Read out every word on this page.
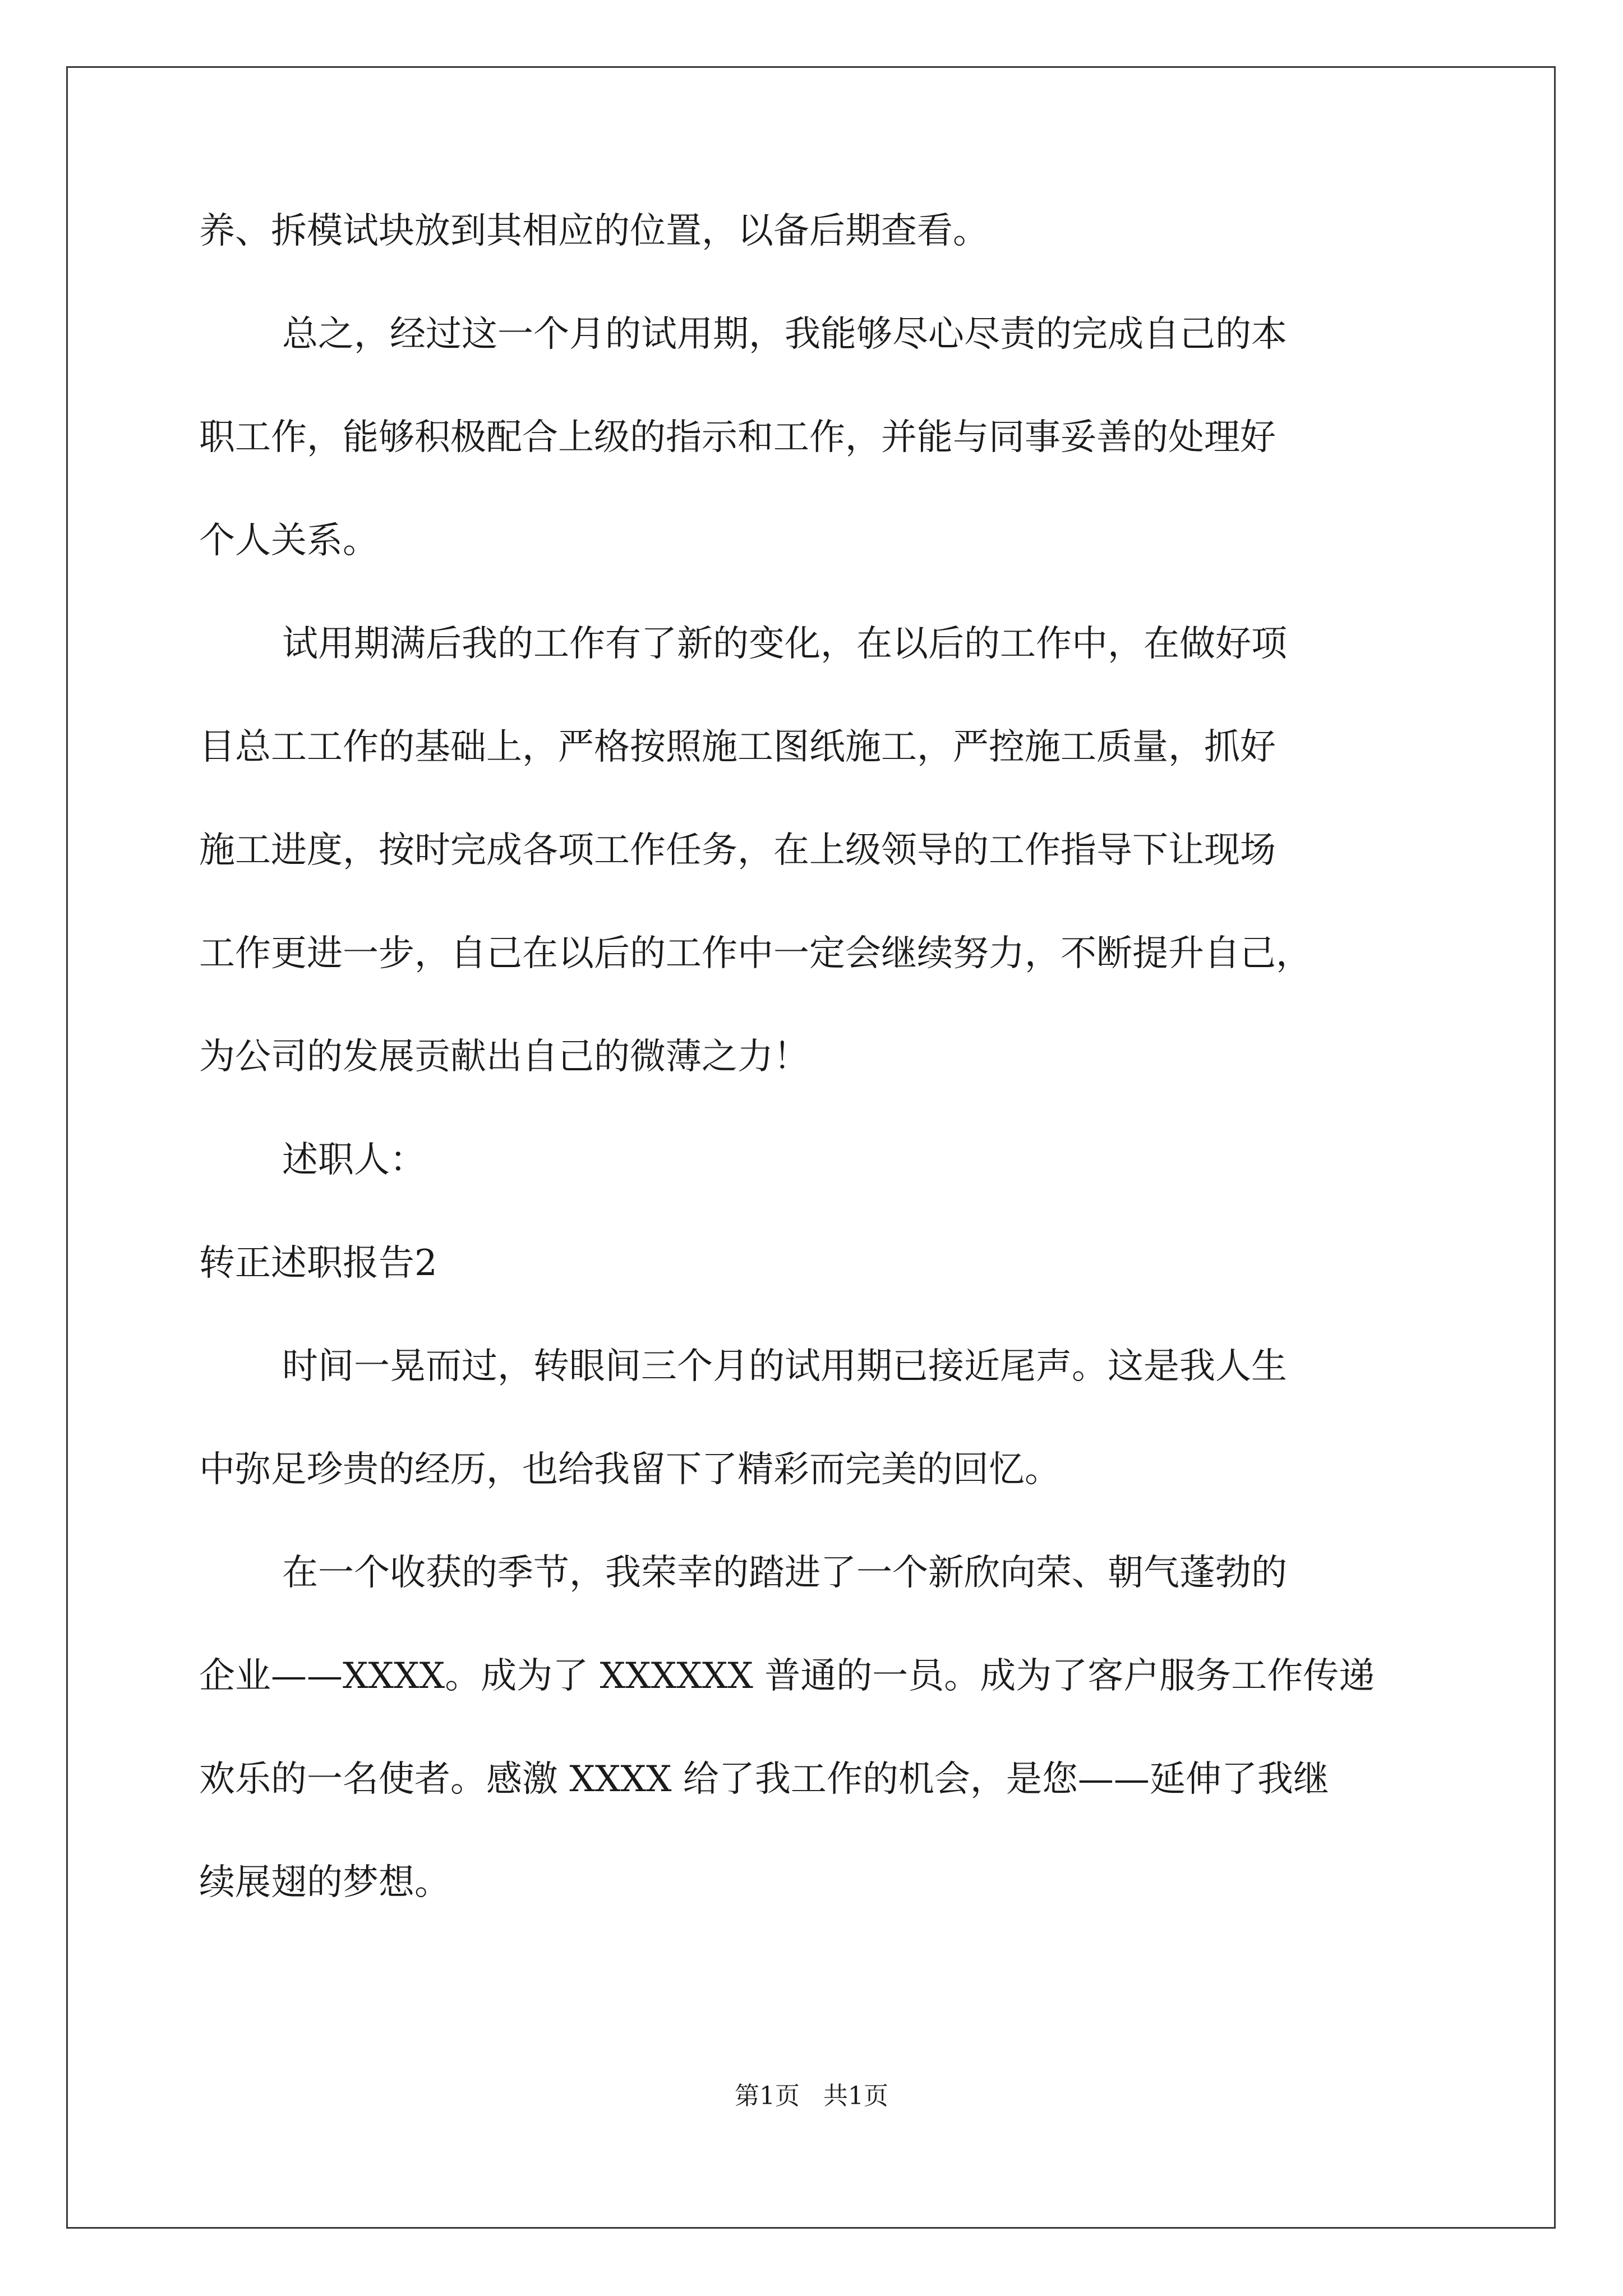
养、拆模试块放到其相应的位置，以备后期查看。
总之，经过这一个月的试用期，我能够尽心尽责的完成自己的本
职工作，能够积极配合上级的指示和工作，并能与同事妥善的处理好
个人关系。
试用期满后我的工作有了新的变化，在以后的工作中，在做好项
目总工工作的基础上，严格按照施工图纸施工，严控施工质量，抓好
施工进度，按时完成各项工作任务，在上级领导的工作指导下让现场
工作更进一步，自己在以后的工作中一定会继续努力，不断提升自己，
为公司的发展贡献出自己的微薄之力！
述职人：
转正述职报告2
时间一晃而过，转眼间三个月的试用期已接近尾声。这是我人生
中弥足珍贵的经历，也给我留下了精彩而完美的回忆。
在一个收获的季节，我荣幸的踏进了一个新欣向荣、朝气蓬勃的
企业——XXXX。成为了 XXXXXX 普通的一员。成为了客户服务工作传递
欢乐的一名使者。感激 XXXX 给了我工作的机会，是您——延伸了我继
续展翅的梦想。
第1页   共1页
